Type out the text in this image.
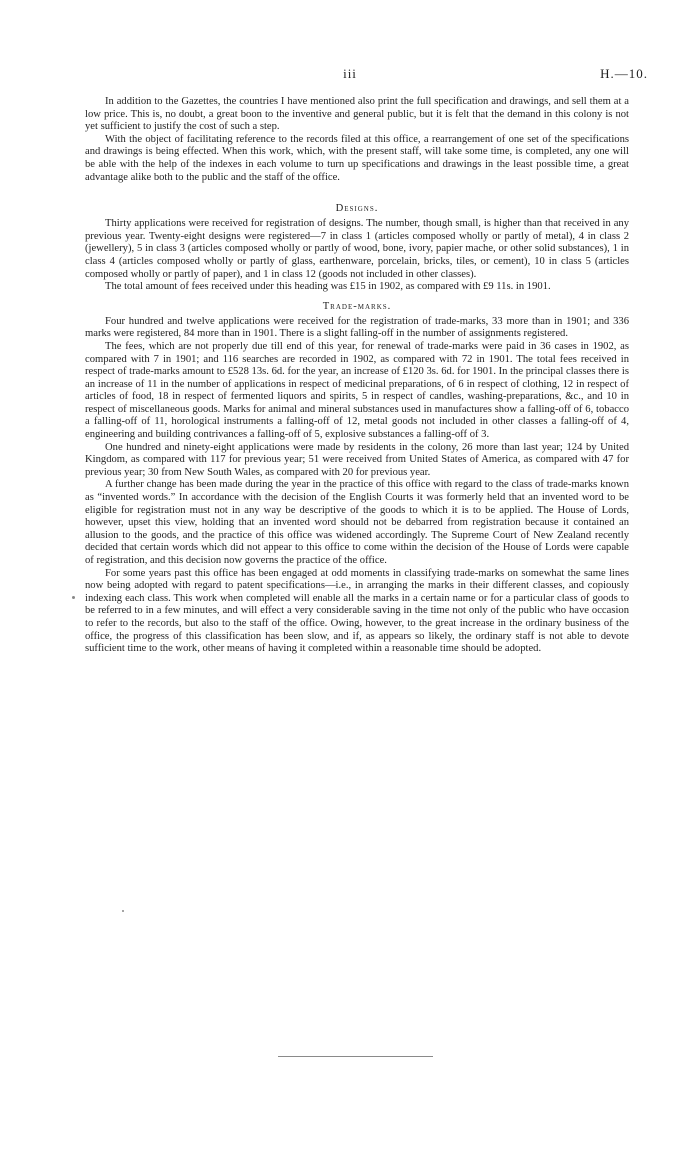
iii	H.—10.

In addition to the Gazettes, the countries I have mentioned also print the full specification and drawings, and sell them at a low price. This is, no doubt, a great boon to the inventive and general public, but it is felt that the demand in this colony is not yet sufficient to justify the cost of such a step.

With the object of facilitating reference to the records filed at this office, a rearrangement of one set of the specifications and drawings is being effected. When this work, which, with the present staff, will take some time, is completed, any one will be able with the help of the indexes in each volume to turn up specifications and drawings in the least possible time, a great advantage alike both to the public and the staff of the office.

Designs.

Thirty applications were received for registration of designs. The number, though small, is higher than that received in any previous year. Twenty-eight designs were registered—7 in class 1 (articles composed wholly or partly of metal), 4 in class 2 (jewellery), 5 in class 3 (articles composed wholly or partly of wood, bone, ivory, papier mache, or other solid substances), 1 in class 4 (articles composed wholly or partly of glass, earthenware, porcelain, bricks, tiles, or cement), 10 in class 5 (articles composed wholly or partly of paper), and 1 in class 12 (goods not included in other classes).

The total amount of fees received under this heading was £15 in 1902, as compared with £9 11s. in 1901.

Trade-marks.

Four hundred and twelve applications were received for the registration of trade-marks, 33 more than in 1901; and 336 marks were registered, 84 more than in 1901. There is a slight falling-off in the number of assignments registered.

The fees, which are not properly due till end of this year, for renewal of trade-marks were paid in 36 cases in 1902, as compared with 7 in 1901; and 116 searches are recorded in 1902, as compared with 72 in 1901. The total fees received in respect of trade-marks amount to £528 13s. 6d. for the year, an increase of £120 3s. 6d. for 1901. In the principal classes there is an increase of 11 in the number of applications in respect of medicinal preparations, of 6 in respect of clothing, 12 in respect of articles of food, 18 in respect of fermented liquors and spirits, 5 in respect of candles, washing-preparations, &c., and 10 in respect of miscellaneous goods. Marks for animal and mineral substances used in manufactures show a falling-off of 6, tobacco a falling-off of 11, horological instruments a falling-off of 12, metal goods not included in other classes a falling-off of 4, engineering and building contrivances a falling-off of 5, explosive substances a falling-off of 3.

One hundred and ninety-eight applications were made by residents in the colony, 26 more than last year; 124 by United Kingdom, as compared with 117 for previous year; 51 were received from United States of America, as compared with 47 for previous year; 30 from New South Wales, as compared with 20 for previous year.

A further change has been made during the year in the practice of this office with regard to the class of trade-marks known as “invented words.” In accordance with the decision of the English Courts it was formerly held that an invented word to be eligible for registration must not in any way be descriptive of the goods to which it is to be applied. The House of Lords, however, upset this view, holding that an invented word should not be debarred from registration because it contained an allusion to the goods, and the practice of this office was widened accordingly. The Supreme Court of New Zealand recently decided that certain words which did not appear to this office to come within the decision of the House of Lords were capable of registration, and this decision now governs the practice of the office.

For some years past this office has been engaged at odd moments in classifying trade-marks on somewhat the same lines now being adopted with regard to patent specifications—i.e., in arranging the marks in their different classes, and copiously indexing each class. This work when completed will enable all the marks in a certain name or for a particular class of goods to be referred to in a few minutes, and will effect a very considerable saving in the time not only of the public who have occasion to refer to the records, but also to the staff of the office. Owing, however, to the great increase in the ordinary business of the office, the progress of this classification has been slow, and if, as appears so likely, the ordinary staff is not able to devote sufficient time to the work, other means of having it completed within a reasonable time should be adopted.
